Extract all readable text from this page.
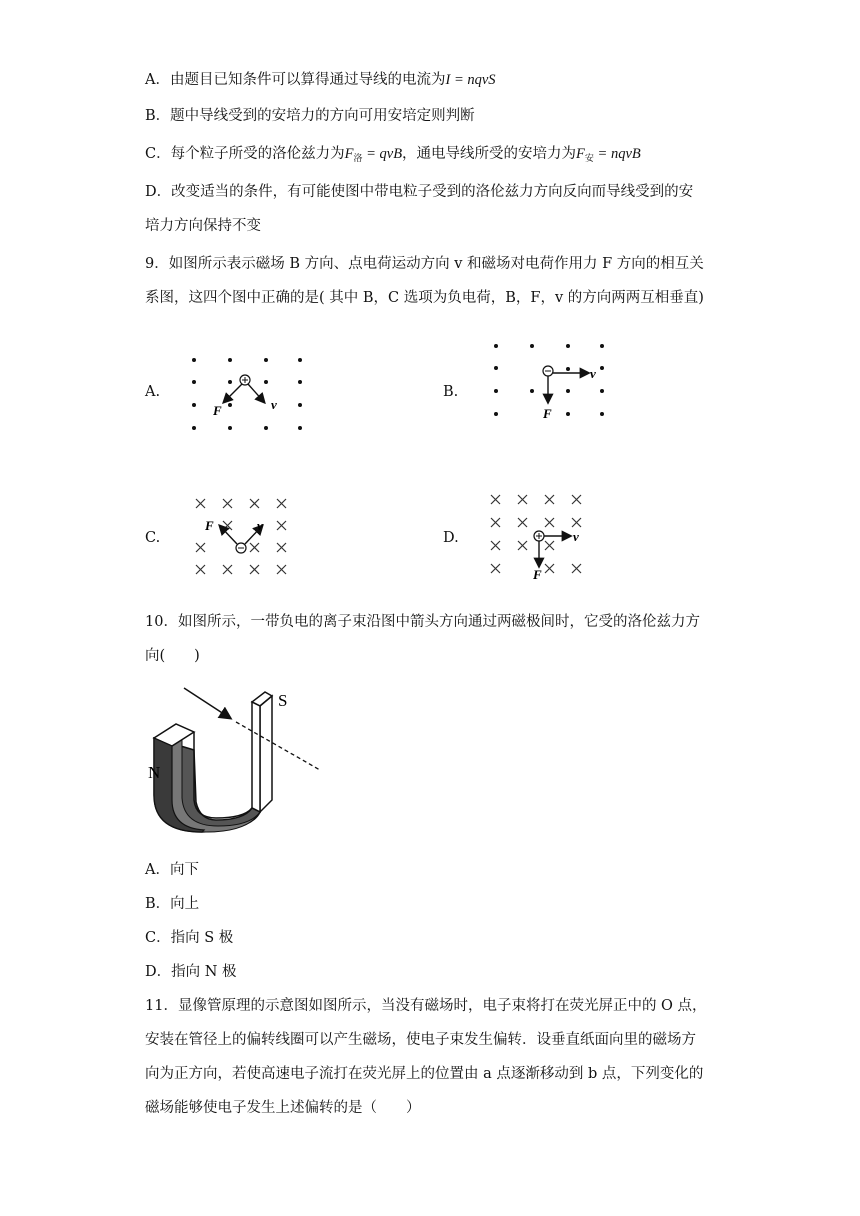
A．由题目已知条件可以算得通过导线的电流为I = nqvS
B．题中导线受到的安培力的方向可用安培定则判断
C．每个粒子所受的洛伦兹力为$F_洛$ = qvB，通电导线所受的安培力为$F_安$ = nqvB
D．改变适当的条件，有可能使图中带电粒子受到的洛伦兹力方向反向而导线受到的安
培力方向保持不变
9．如图所示表示磁场 B 方向、点电荷运动方向 v 和磁场对电荷作用力 F 方向的相互关
系图，这四个图中正确的是( 其中 B，C 选项为负电荷，B，F，v 的方向两两互相垂直)
A.	B.
C.	D.
F	v
v
F
F	v
v
F
10．如图所示，一带负电的离子束沿图中箭头方向通过两磁极间时，它受的洛伦兹力方
向(　　)
S
N
A．向下
B．向上
C．指向 S 极
D．指向 N 极
11．显像管原理的示意图如图所示，当没有磁场时，电子束将打在荧光屏正中的 O 点，
安装在管径上的偏转线圈可以产生磁场，使电子束发生偏转．设垂直纸面向里的磁场方
向为正方向，若使高速电子流打在荧光屏上的位置由 a 点逐渐移动到 b 点，下列变化的
磁场能够使电子发生上述偏转的是（　　）
